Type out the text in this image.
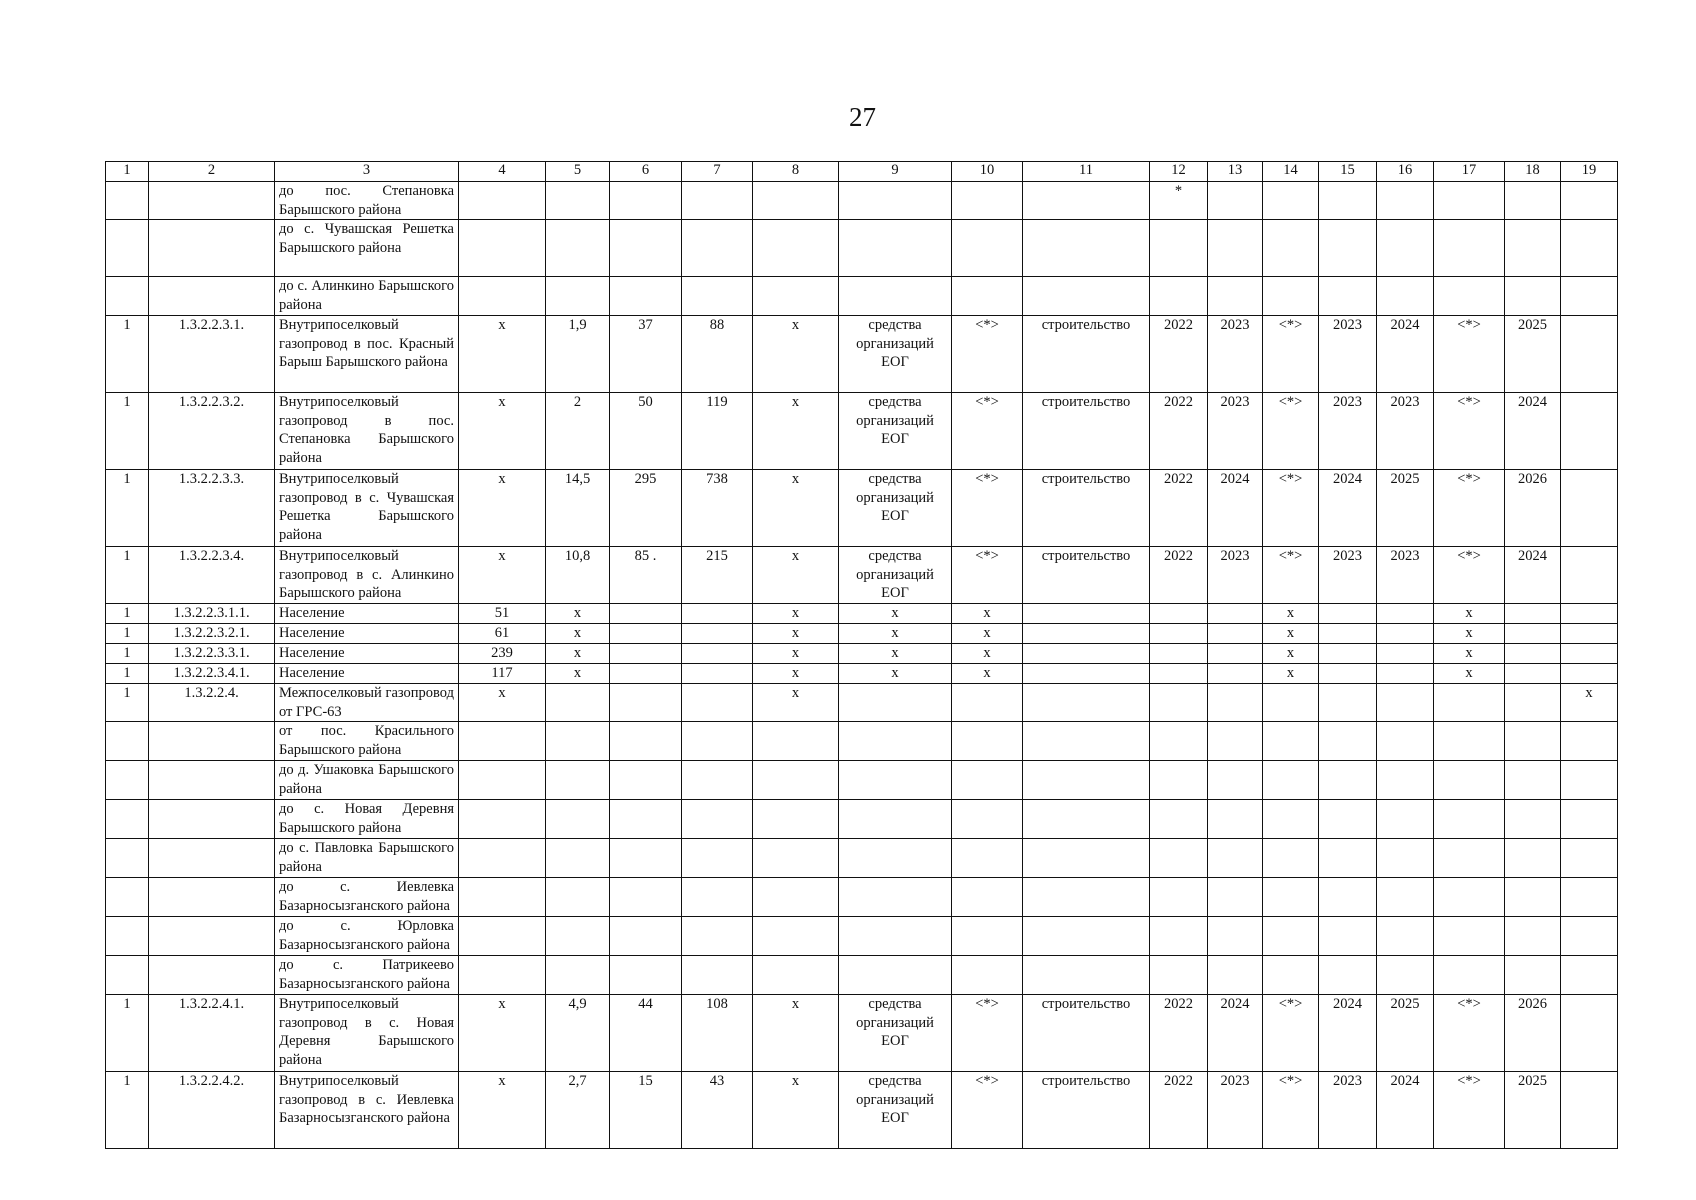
27
1	2	3	4	5	6	7	8	9	10	11	12	13	14	15	16	17	18	19
		до пос. Степановка Барышского района									*							
		до с. Чувашская Решетка Барышского района																
		до с. Алинкино Барышского района																
1	1.3.2.2.3.1.	Внутрипоселковый газопровод в пос. Красный Барыш Барышского района	х	1,9	37	88	х	средства организаций ЕОГ	<*>	строительство	2022	2023	<*>	2023	2024	<*>	2025	
1	1.3.2.2.3.2.	Внутрипоселковый газопровод в пос. Степановка Барышского района	х	2	50	119	х	средства организаций ЕОГ	<*>	строительство	2022	2023	<*>	2023	2023	<*>	2024	
1	1.3.2.2.3.3.	Внутрипоселковый газопровод в с. Чувашская Решетка Барышского района	х	14,5	295	738	х	средства организаций ЕОГ	<*>	строительство	2022	2024	<*>	2024	2025	<*>	2026	
1	1.3.2.2.3.4.	Внутрипоселковый газопровод в с. Алинкино Барышского района	х	10,8	85 .	215	х	средства организаций ЕОГ	<*>	строительство	2022	2023	<*>	2023	2023	<*>	2024	
1	1.3.2.2.3.1.1.	Население	51	х			х	х	х				х			х		
1	1.3.2.2.3.2.1.	Население	61	х			х	х	х				х			х		
1	1.3.2.2.3.3.1.	Население	239	х			х	х	х				х			х		
1	1.3.2.2.3.4.1.	Население	117	х			х	х	х				х			х		
1	1.3.2.2.4.	Межпоселковый газопровод от ГРС-63	х				х											х
		от пос. Красильного Барышского района																
		до д. Ушаковка Барышского района																
		до с. Новая Деревня Барышского района																
		до с. Павловка Барышского района																
		до с. Иевлевка Базарносызганского района																
		до с. Юрловка Базарносызганского района																
		до с. Патрикеево Базарносызганского района																
1	1.3.2.2.4.1.	Внутрипоселковый газопровод в с. Новая Деревня Барышского района	х	4,9	44	108	х	средства организаций ЕОГ	<*>	строительство	2022	2024	<*>	2024	2025	<*>	2026	
1	1.3.2.2.4.2.	Внутрипоселковый газопровод в с. Иевлевка Базарносызганского района	х	2,7	15	43	х	средства организаций ЕОГ	<*>	строительство	2022	2023	<*>	2023	2024	<*>	2025	
